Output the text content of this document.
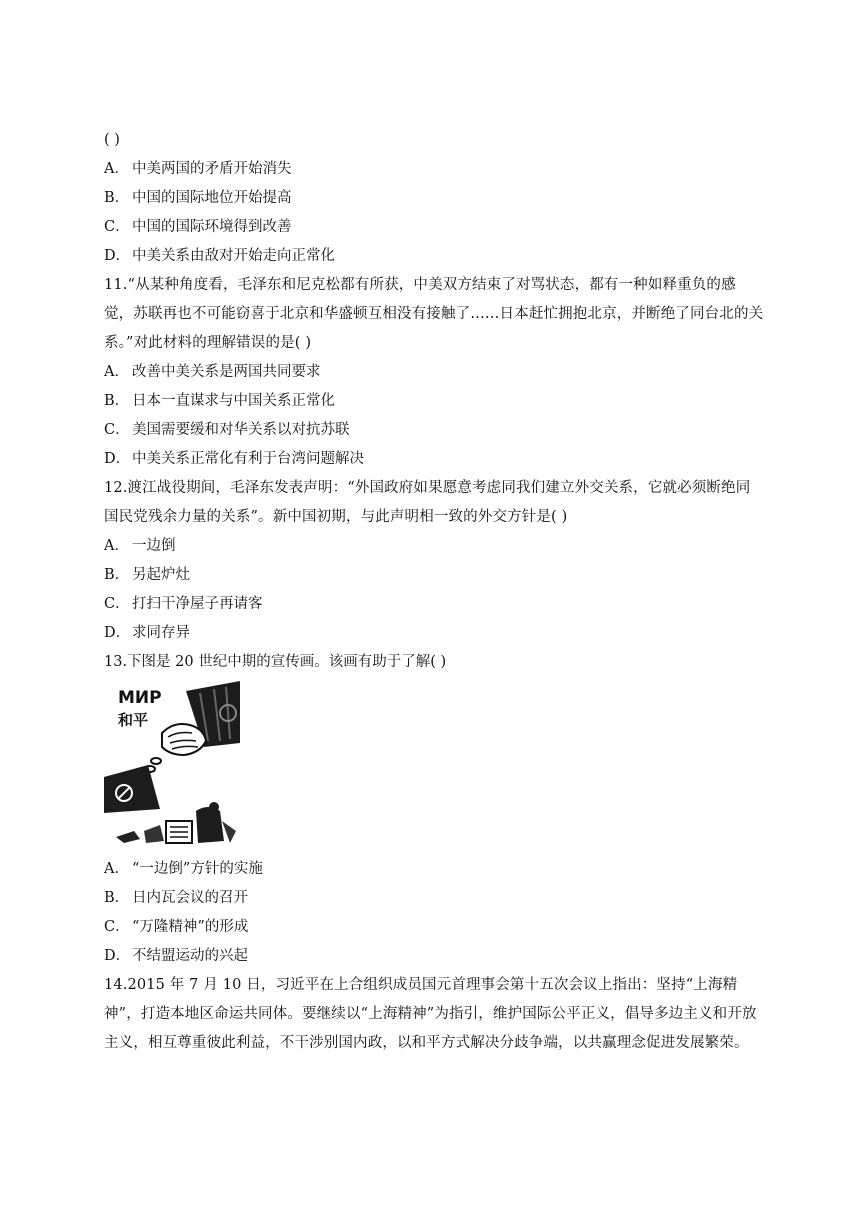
( )
A． 中美两国的矛盾开始消失
B． 中国的国际地位开始提高
C． 中国的国际环境得到改善
D． 中美关系由敌对开始走向正常化
11.“从某种角度看，毛泽东和尼克松都有所获，中美双方结束了对骂状态，都有一种如释重负的感觉，苏联再也不可能窃喜于北京和华盛顿互相没有接触了……日本赶忙拥抱北京，并断绝了同台北的关系。”对此材料的理解错误的是( )
A． 改善中美关系是两国共同要求
B． 日本一直谋求与中国关系正常化
C． 美国需要缓和对华关系以对抗苏联
D． 中美关系正常化有利于台湾问题解决
12.渡江战役期间，毛泽东发表声明：“外国政府如果愿意考虑同我们建立外交关系，它就必须断绝同国民党残余力量的关系”。新中国初期，与此声明相一致的外交方针是( )
A． 一边倒
B． 另起炉灶
C． 打扫干净屋子再请客
D． 求同存异
13.下图是 20 世纪中期的宣传画。该画有助于了解( )
МИР
和平
A． “一边倒”方针的实施
B． 日内瓦会议的召开
C． “万隆精神”的形成
D． 不结盟运动的兴起
14.2015 年 7 月 10 日，习近平在上合组织成员国元首理事会第十五次会议上指出：坚持“上海精神”，打造本地区命运共同体。要继续以“上海精神”为指引，维护国际公平正义，倡导多边主义和开放主义，相互尊重彼此利益，不干涉别国内政，以和平方式解决分歧争端，以共赢理念促进发展繁荣。
